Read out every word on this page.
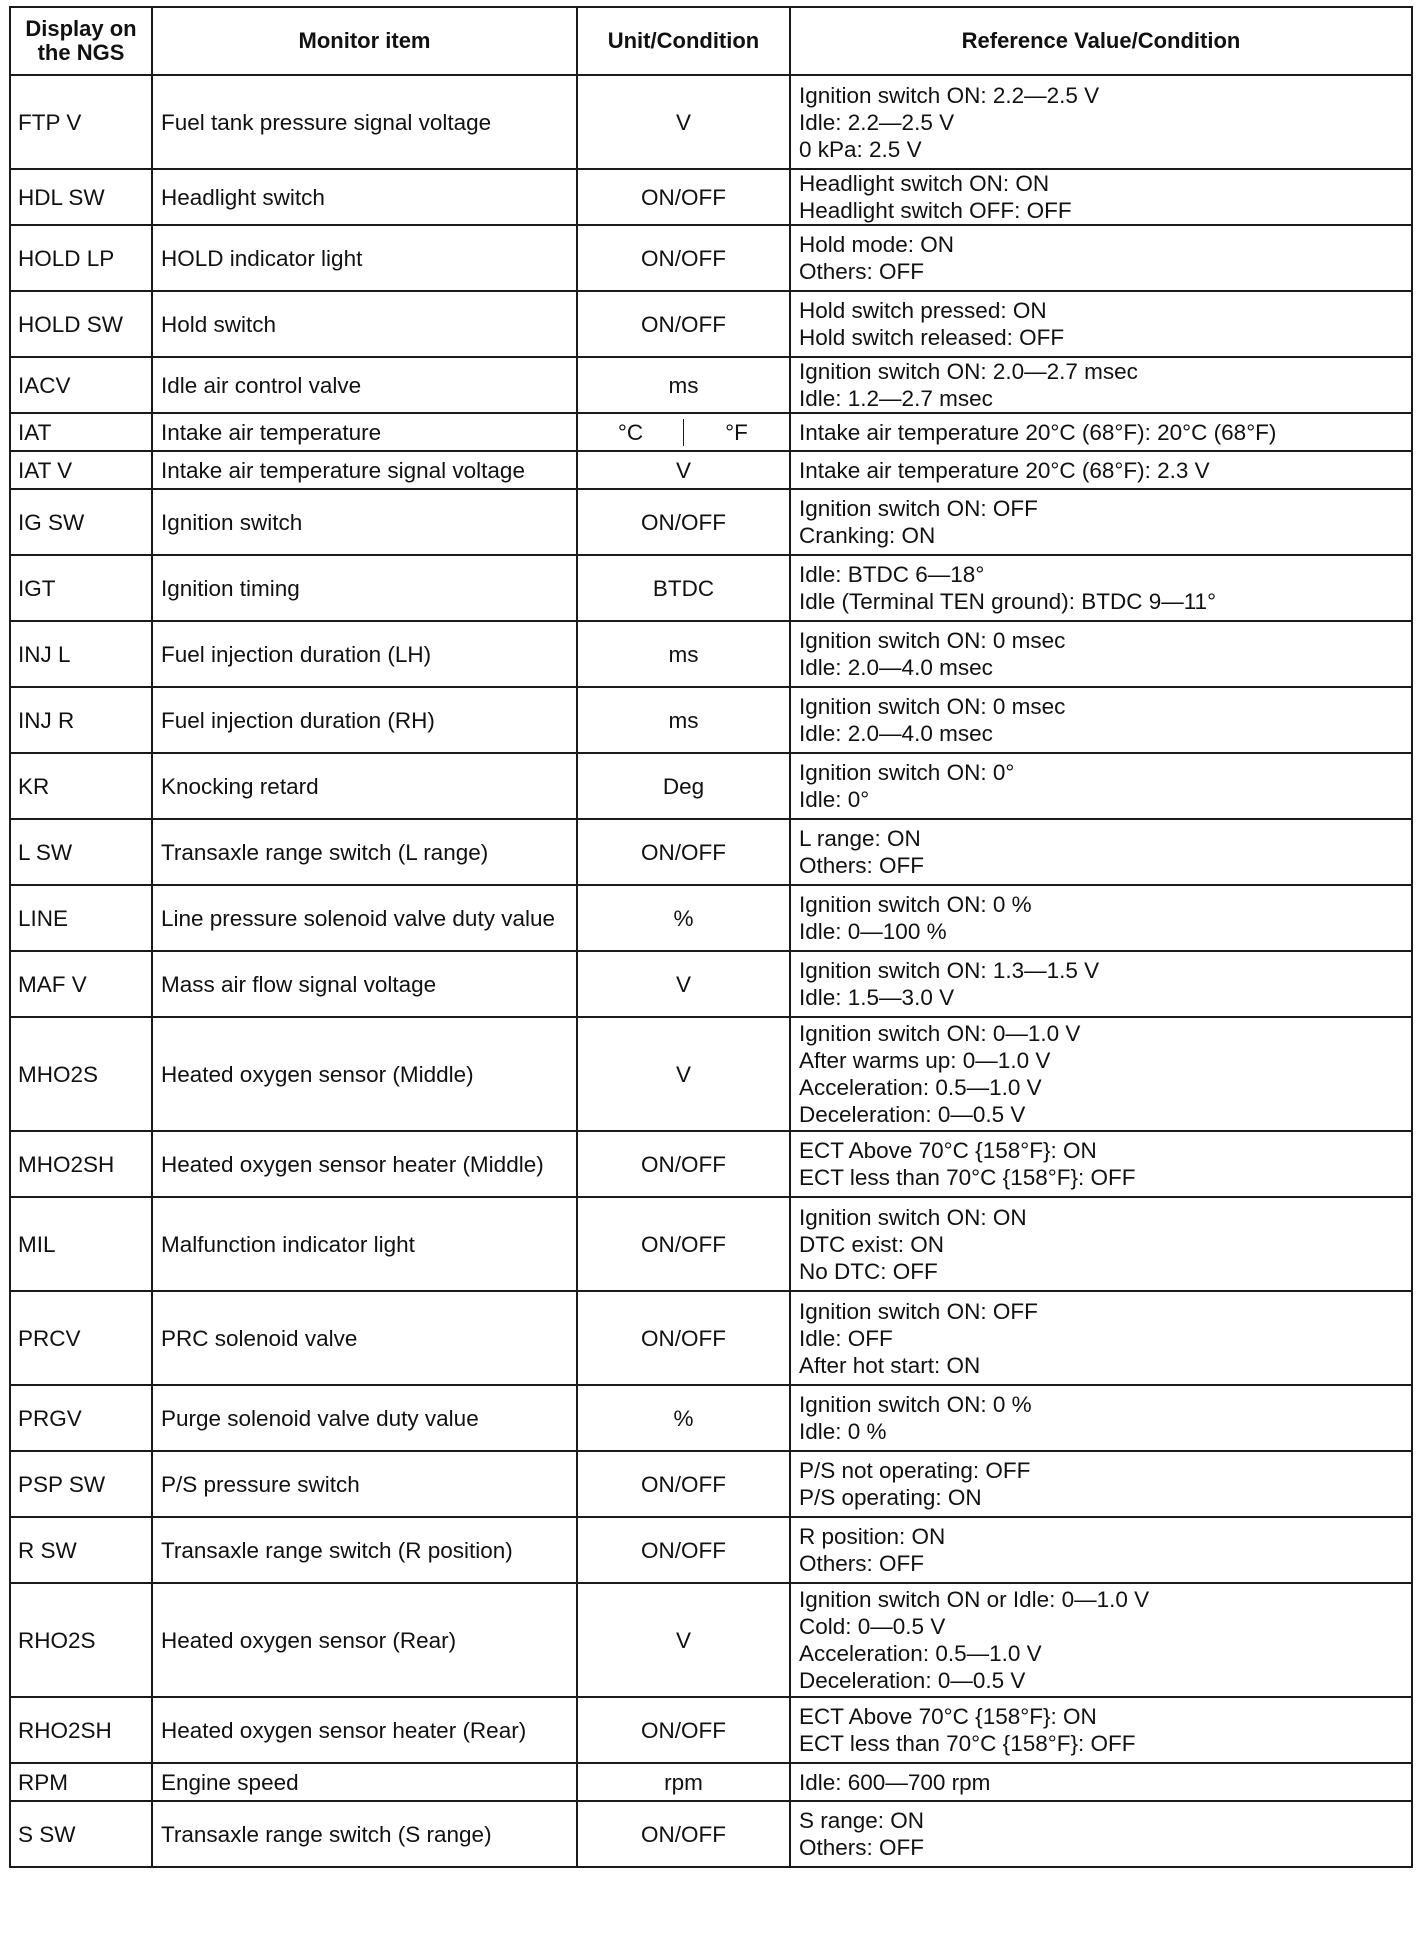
Display on the NGS	Monitor item	Unit/Condition	Reference Value/Condition
FTP V	Fuel tank pressure signal voltage	V	Ignition switch ON: 2.2—2.5 V
Idle: 2.2—2.5 V
0 kPa: 2.5 V

HDL SW	Headlight switch	ON/OFF	Headlight switch ON: ON
Headlight switch OFF: OFF

HOLD LP	HOLD indicator light	ON/OFF	Hold mode: ON
Others: OFF

HOLD SW	Hold switch	ON/OFF	Hold switch pressed: ON
Hold switch released: OFF

IACV	Idle air control valve	ms	Ignition switch ON: 2.0—2.7 msec
Idle: 1.2—2.7 msec

IAT	Intake air temperature	°C °F	Intake air temperature 20°C (68°F): 20°C (68°F)

IAT V	Intake air temperature signal voltage	V	Intake air temperature 20°C (68°F): 2.3 V

IG SW	Ignition switch	ON/OFF	Ignition switch ON: OFF
Cranking: ON

IGT	Ignition timing	BTDC	Idle: BTDC 6—18°
Idle (Terminal TEN ground): BTDC 9—11°

INJ L	Fuel injection duration (LH)	ms	Ignition switch ON: 0 msec
Idle: 2.0—4.0 msec

INJ R	Fuel injection duration (RH)	ms	Ignition switch ON: 0 msec
Idle: 2.0—4.0 msec

KR	Knocking retard	Deg	Ignition switch ON: 0°
Idle: 0°

L SW	Transaxle range switch (L range)	ON/OFF	L range: ON
Others: OFF

LINE	Line pressure solenoid valve duty value	%	Ignition switch ON: 0 %
Idle: 0—100 %

MAF V	Mass air flow signal voltage	V	Ignition switch ON: 1.3—1.5 V
Idle: 1.5—3.0 V

MHO2S	Heated oxygen sensor (Middle)	V	Ignition switch ON: 0—1.0 V
After warms up: 0—1.0 V
Acceleration: 0.5—1.0 V
Deceleration: 0—0.5 V

MHO2SH	Heated oxygen sensor heater (Middle)	ON/OFF	ECT Above 70°C {158°F}: ON
ECT less than 70°C {158°F}: OFF

MIL	Malfunction indicator light	ON/OFF	Ignition switch ON: ON
DTC exist: ON
No DTC: OFF

PRCV	PRC solenoid valve	ON/OFF	Ignition switch ON: OFF
Idle: OFF
After hot start: ON

PRGV	Purge solenoid valve duty value	%	Ignition switch ON: 0 %
Idle: 0 %

PSP SW	P/S pressure switch	ON/OFF	P/S not operating: OFF
P/S operating: ON

R SW	Transaxle range switch (R position)	ON/OFF	R position: ON
Others: OFF

RHO2S	Heated oxygen sensor (Rear)	V	Ignition switch ON or Idle: 0—1.0 V
Cold: 0—0.5 V
Acceleration: 0.5—1.0 V
Deceleration: 0—0.5 V

RHO2SH	Heated oxygen sensor heater (Rear)	ON/OFF	ECT Above 70°C {158°F}: ON
ECT less than 70°C {158°F}: OFF

RPM	Engine speed	rpm	Idle: 600—700 rpm

S SW	Transaxle range switch (S range)	ON/OFF	S range: ON
Others: OFF
